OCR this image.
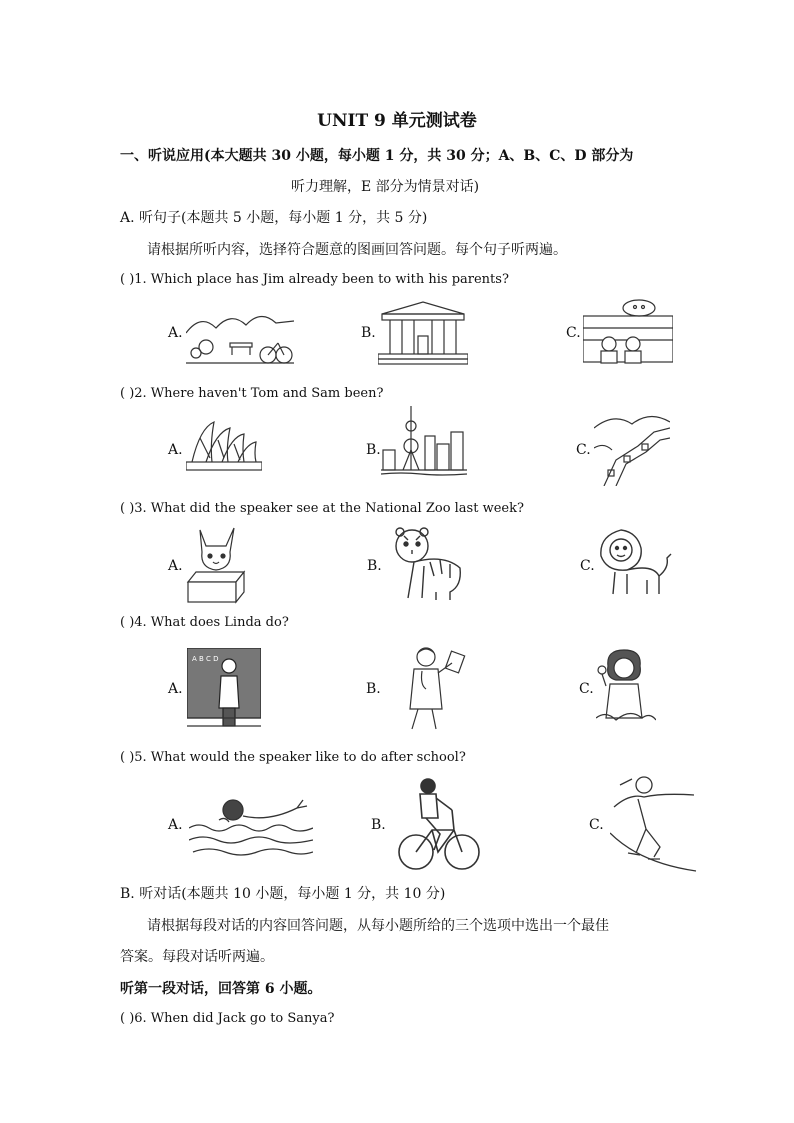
UNIT 9 单元测试卷
一、听说应用(本大题共 30 小题，每小题 1 分，共 30 分；A、B、C、D 部分为
听力理解，E 部分为情景对话)
A. 听句子(本题共 5 小题，每小题 1 分，共 5 分)
请根据所听内容，选择符合题意的图画回答问题。每个句子听两遍。
( )1. Which place has Jim already been to with his parents?
A.	B.	C.
( )2. Where haven't Tom and Sam been?
A.	B.	C.
( )3. What did the speaker see at the National Zoo last week?
A.	B.	C.
( )4. What does Linda do?
A.
A B C D
B.	C.
( )5. What would the speaker like to do after school?
A.	B.	C.
B. 听对话(本题共 10 小题，每小题 1 分，共 10 分)
请根据每段对话的内容回答问题，从每小题所给的三个选项中选出一个最佳
答案。每段对话听两遍。
听第一段对话，回答第 6 小题。
( )6. When did Jack go to Sanya?
